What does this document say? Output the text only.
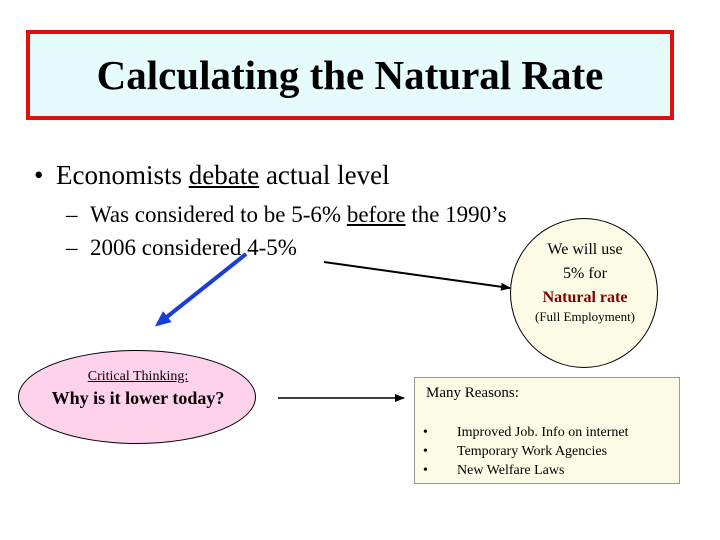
Calculating the Natural Rate
• Economists debate actual level
– Was considered to be 5-6% before the 1990’s
– 2006 considered 4-5%	We will use
5% for
Natural rate
(Full Employment)
Critical Thinking:
Why is it lower today?	Many Reasons:
• Improved Job. Info on internet
• Temporary Work Agencies
• New Welfare Laws
